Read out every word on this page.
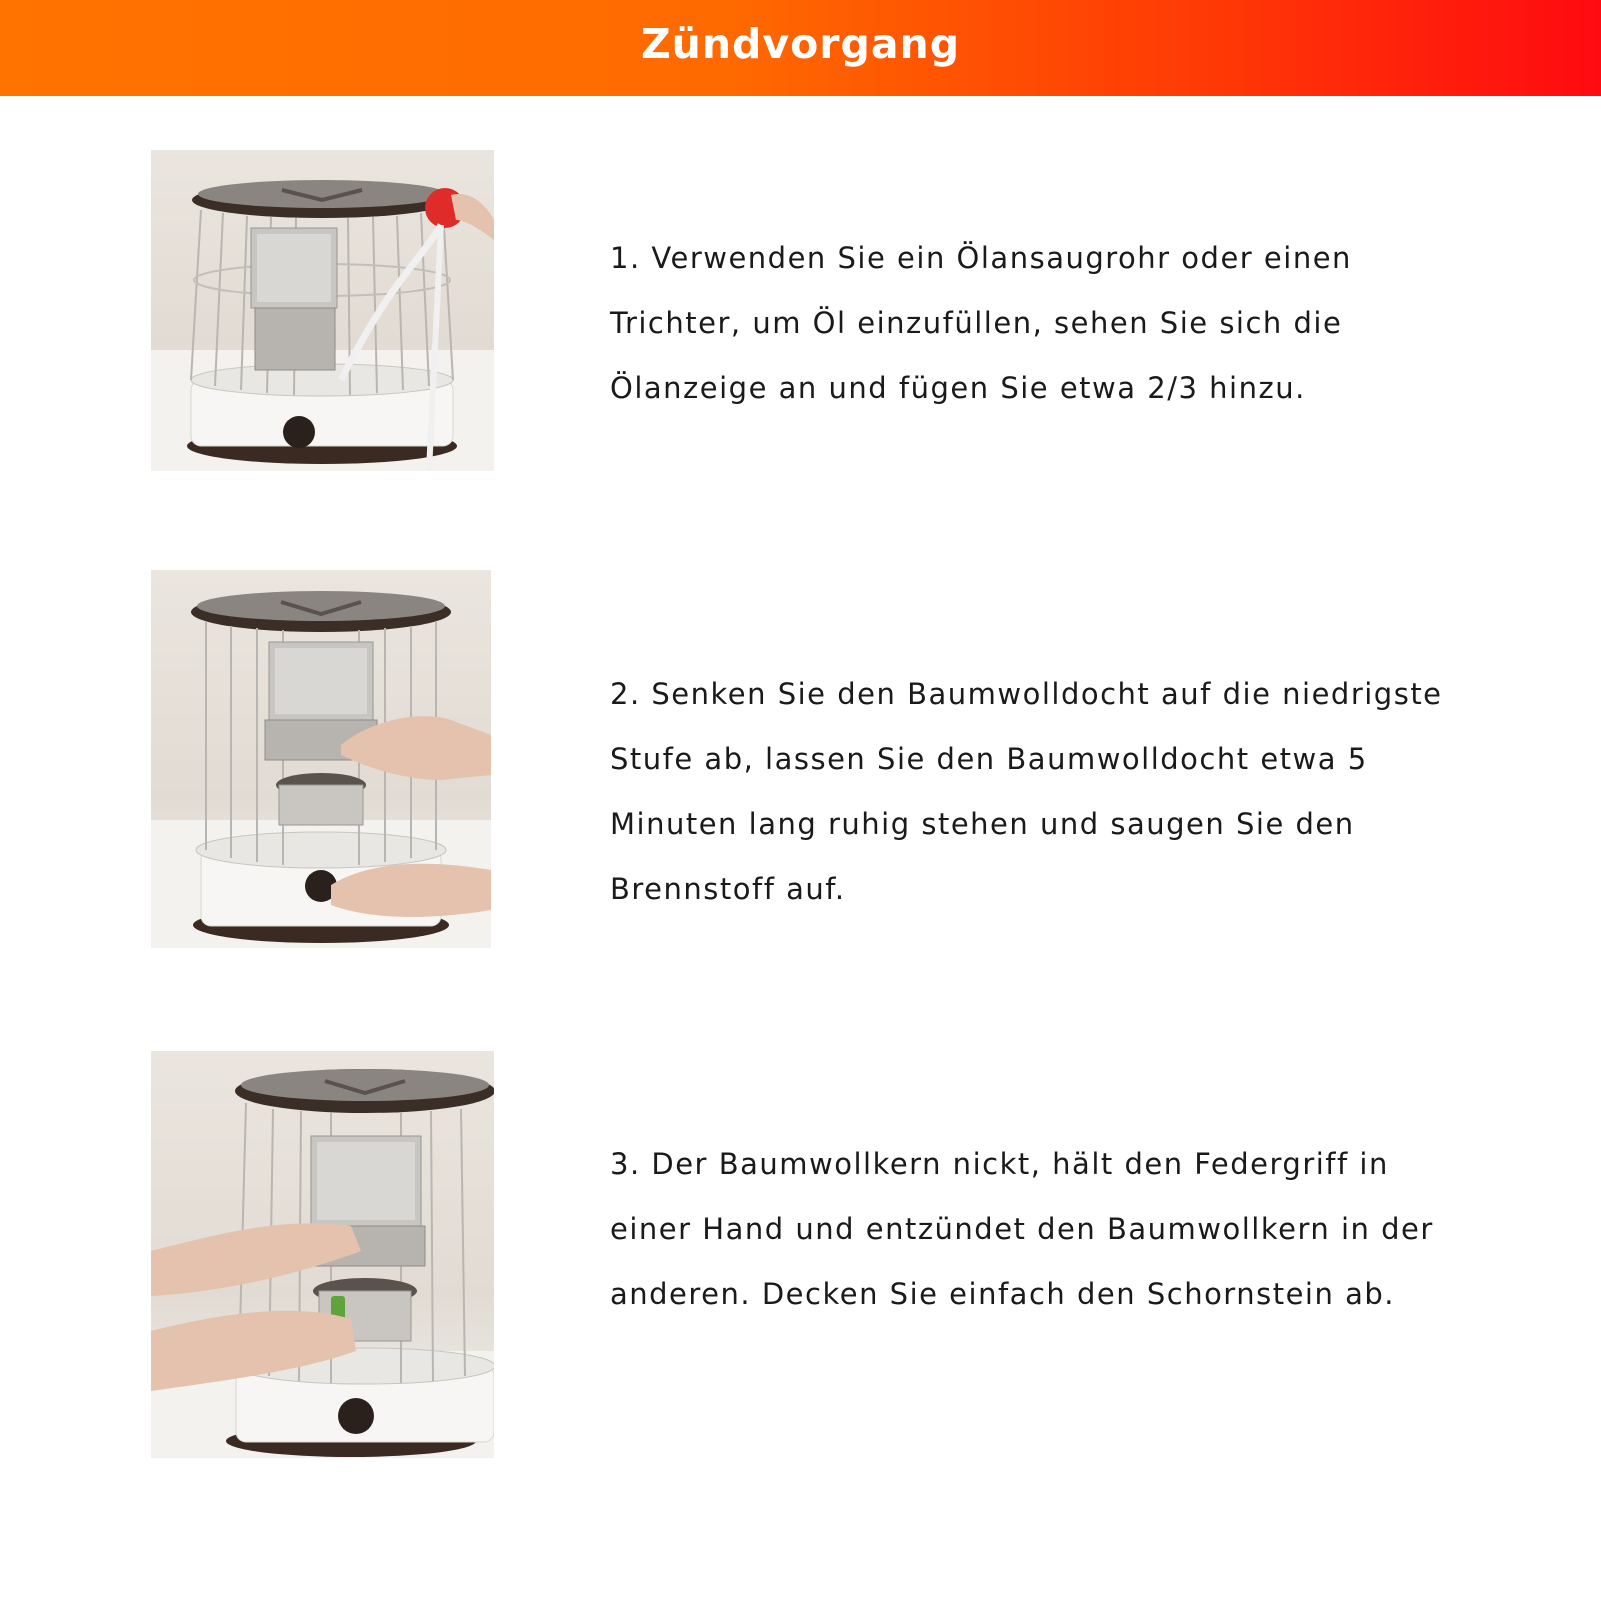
Zündvorgang

1. Verwenden Sie ein Ölansaugrohr oder einen

Trichter, um Öl einzufüllen, sehen Sie sich die

Ölanzeige an und fügen Sie etwa 2/3 hinzu.

2. Senken Sie den Baumwolldocht auf die niedrigste

Stufe ab, lassen Sie den Baumwolldocht etwa 5

Minuten lang ruhig stehen und saugen Sie den

Brennstoff auf.

3. Der Baumwollkern nickt, hält den Federgriff in

einer Hand und entzündet den Baumwollkern in der

anderen. Decken Sie einfach den Schornstein ab.
